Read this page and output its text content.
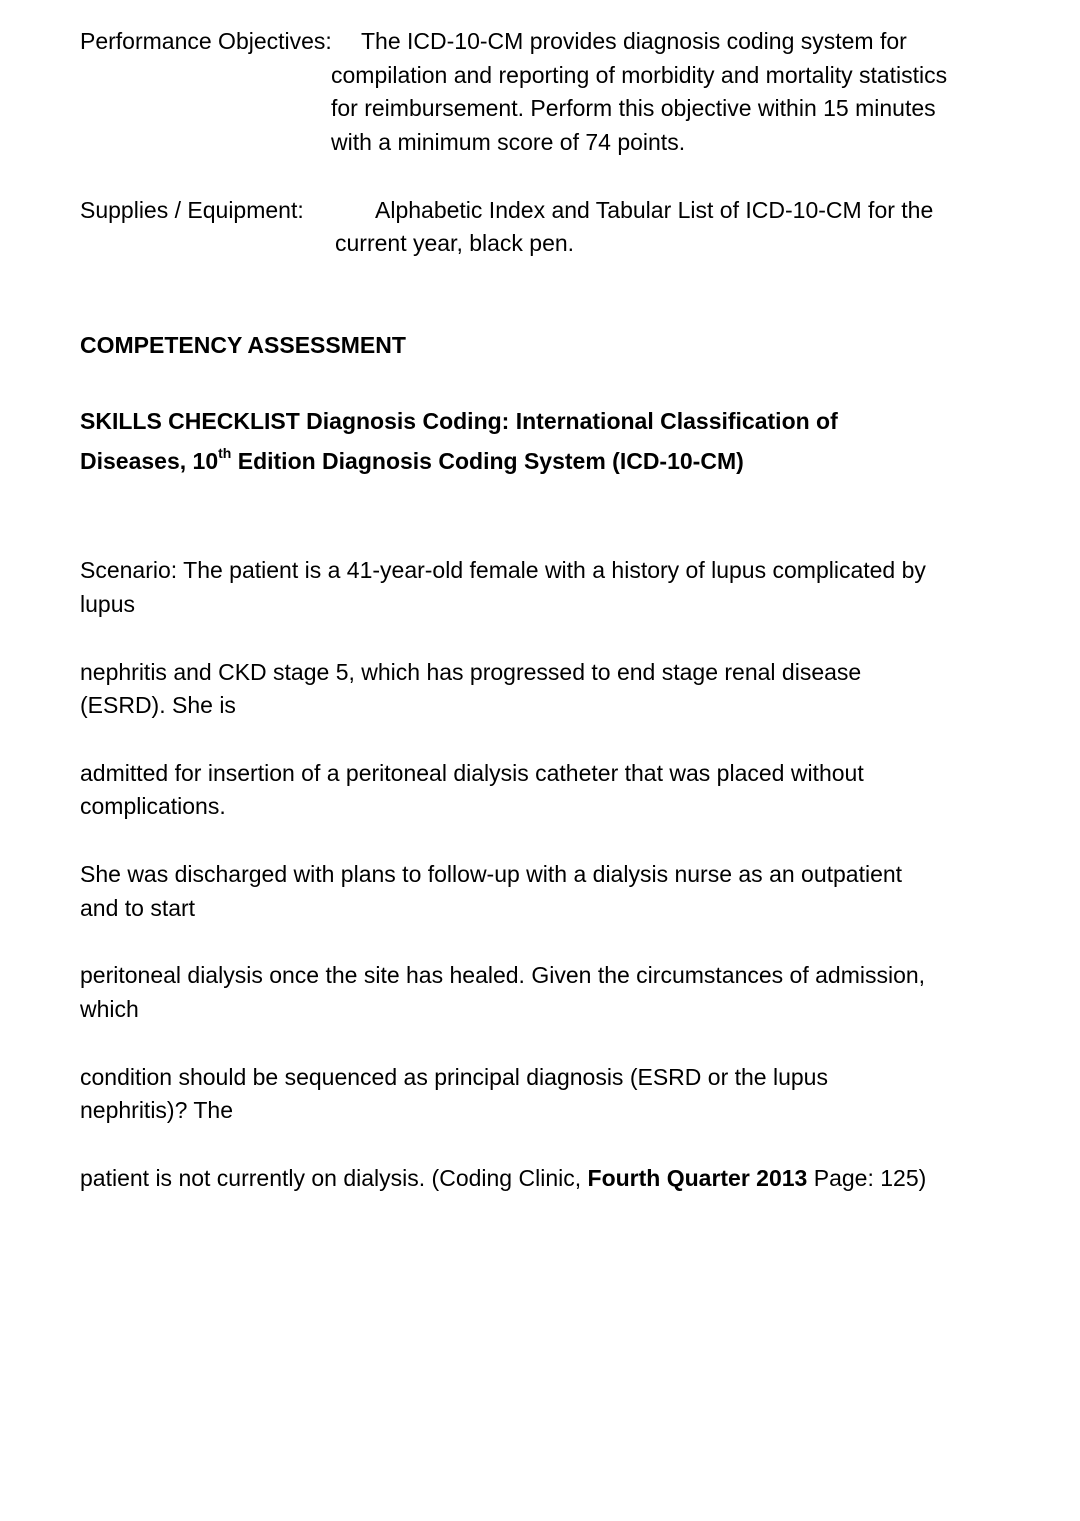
Performance Objectives: The ICD-10-CM provides diagnosis coding system for
compilation and reporting of morbidity and mortality statistics
for reimbursement. Perform this objective within 15 minutes
with a minimum score of 74 points.
Supplies / Equipment:	Alphabetic Index and Tabular List of ICD-10-CM for the
current year, black pen.
COMPETENCY ASSESSMENT
SKILLS CHECKLIST Diagnosis Coding: International Classification of
Diseases, 10th Edition Diagnosis Coding System (ICD-10-CM)
Scenario: The patient is a 41-year-old female with a history of lupus complicated by
lupus
nephritis and CKD stage 5, which has progressed to end stage renal disease
(ESRD). She is
admitted for insertion of a peritoneal dialysis catheter that was placed without
complications.
She was discharged with plans to follow-up with a dialysis nurse as an outpatient
and to start
peritoneal dialysis once the site has healed. Given the circumstances of admission,
which
condition should be sequenced as principal diagnosis (ESRD or the lupus
nephritis)? The
patient is not currently on dialysis. (Coding Clinic, Fourth Quarter 2013 Page: 125)
